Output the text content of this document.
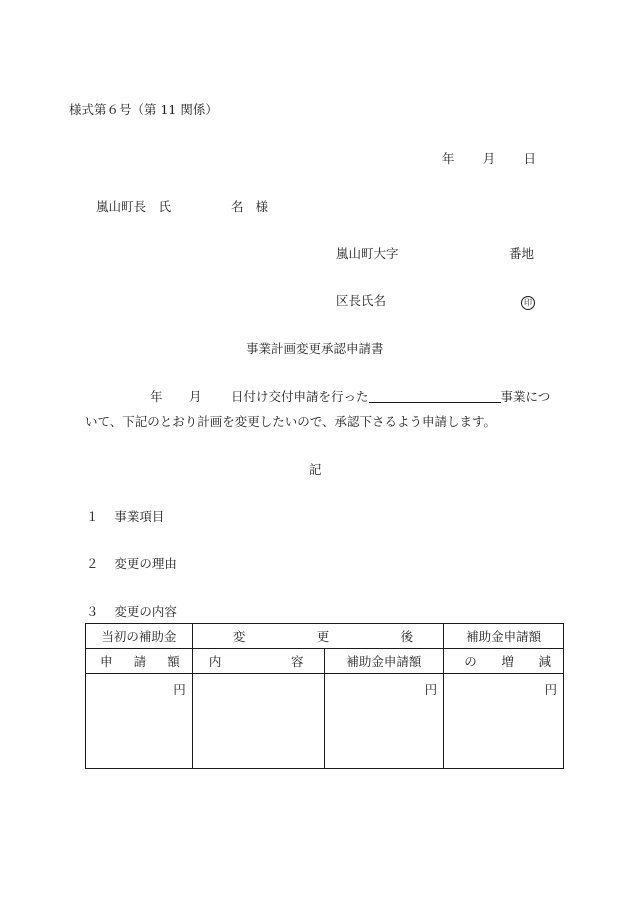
様式第６号（第 11 関係）
年 月 日
嵐山町長　氏	名 様
嵐山町大字	番地
区長氏名	印
事業計画変更承認申請書
年 月 日付け交付申請を行った	事業につ
いて、下記のとおり計画を変更したいので、承認下さるよう申請します。
記
１ 事業項目
２ 変更の理由
３ 変更の内容
当初の補助金	変 更 後		補助金申請額

申 請 額	内 容	補助金申請額	の 増 減

円		円	円
